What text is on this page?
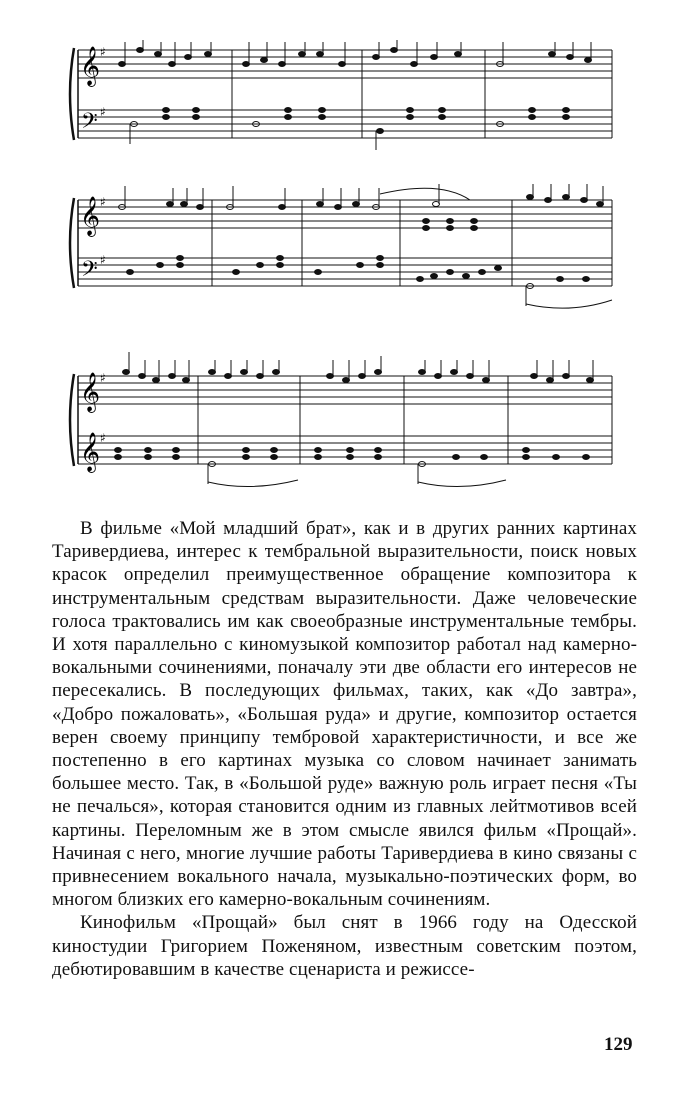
𝄞
𝄢
♯
♯
𝄞
𝄢
♯
♯
𝄞
𝄞
♯
♯

В фильме «Мой младший брат», как и в других ранних картинах Таривердиева, интерес к тембральной выразительности, поиск новых красок определил преимущественное обращение композитора к инструментальным средствам выразительности. Даже человеческие голоса трактовались им как своеобразные инструментальные тембры. И хотя параллельно с киномузыкой композитор работал над камерно-вокальными сочинениями, поначалу эти две области его интересов не пересекались. В последующих фильмах, таких, как «До завтра», «Добро пожаловать», «Большая руда» и другие, композитор остается верен своему принципу тембровой характеристичности, и все же постепенно в его картинах музыка со словом начинает занимать большее место. Так, в «Большой руде» важную роль играет песня «Ты не печалься», которая становится одним из главных лейтмотивов всей картины. Переломным же в этом смысле явился фильм «Прощай». Начиная с него, многие лучшие работы Таривердиева в кино связаны с привнесением вокального начала, музыкально-поэтических форм, во многом близких его камерно-вокальным сочинениям.

Кинофильм «Прощай» был снят в 1966 году на Одесской киностудии Григорием Поженяном, известным советским поэтом, дебютировавшим в качестве сценариста и режиссе-

129
